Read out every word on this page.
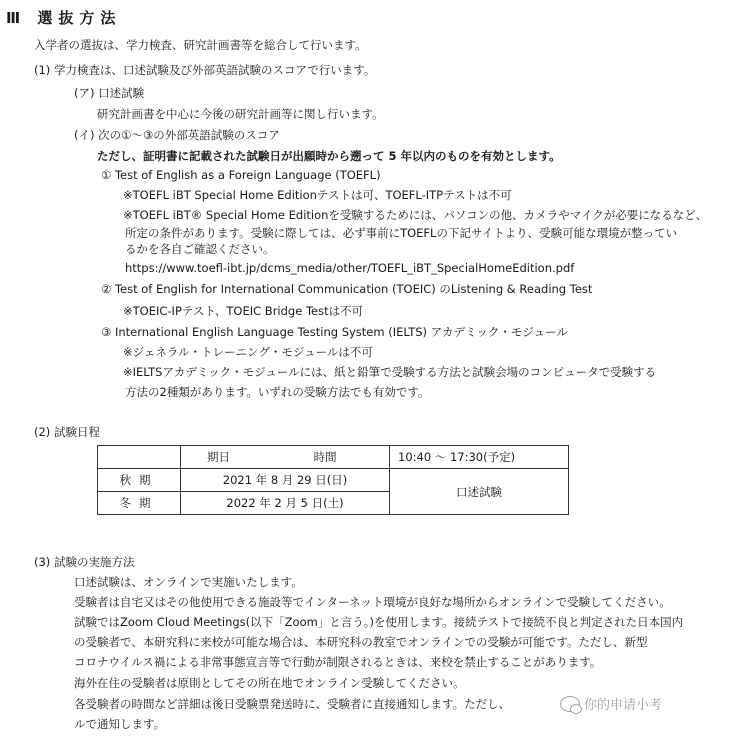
Ⅲ 選抜方法
入学者の選抜は、学力検査、研究計画書等を総合して行います。
(1) 学力検査は、口述試験及び外部英語試験のスコアで行います。
(ア) 口述試験
研究計画書を中心に今後の研究計画等に関し行います。
(イ) 次の①～③の外部英語試験のスコア
ただし、証明書に記載された試験日が出願時から遡って 5 年以内のものを有効とします。
① Test of English as a Foreign Language (TOEFL)
※TOEFL iBT Special Home Editionテストは可、TOEFL-ITPテストは不可
※TOEFL iBT® Special Home Editionを受験するためには、パソコンの他、カメラやマイクが必要になるなど、
所定の条件があります。受験に際しては、必ず事前にTOEFLの下記サイトより、受験可能な環境が整ってい
るかを各自ご確認ください。
https://www.toefl-ibt.jp/dcms_media/other/TOEFL_iBT_SpecialHomeEdition.pdf
② Test of English for International Communication (TOEIC) のListening & Reading Test
※TOEIC-IPテスト、TOEIC Bridge Testは不可
③ International English Language Testing System (IELTS) アカデミック・モジュール
※ジェネラル・トレーニング・モジュールは不可
※IELTSアカデミック・モジュールには、紙と鉛筆で受験する方法と試験会場のコンピュータで受験する
方法の2種類があります。いずれの受験方法でも有効です。
(2) 試験日程
	期日 時間	10:40 ～ 17:30(予定)
秋期	2021 年 8 月 29 日(日)	口述試験
冬期	2022 年 2 月 5 日(土)	
(3) 試験の実施方法
口述試験は、オンラインで実施いたします。
受験者は自宅又はその他使用できる施設等でインターネット環境が良好な場所からオンラインで受験してください。
試験ではZoom Cloud Meetings(以下「Zoom」と言う。)を使用します。接続テストで接続不良と判定された日本国内
の受験者で、本研究科に来校が可能な場合は、本研究科の教室でオンラインでの受験が可能です。ただし、新型
コロナウイルス禍による非常事態宣言等で行動が制限されるときは、来校を禁止することがあります。
海外在住の受験者は原則としてその所在地でオンライン受験してください。
各受験者の時間など詳細は後日受験票発送時に、受験者に直接通知します。ただし、
ルで通知します。
你的申请小考
